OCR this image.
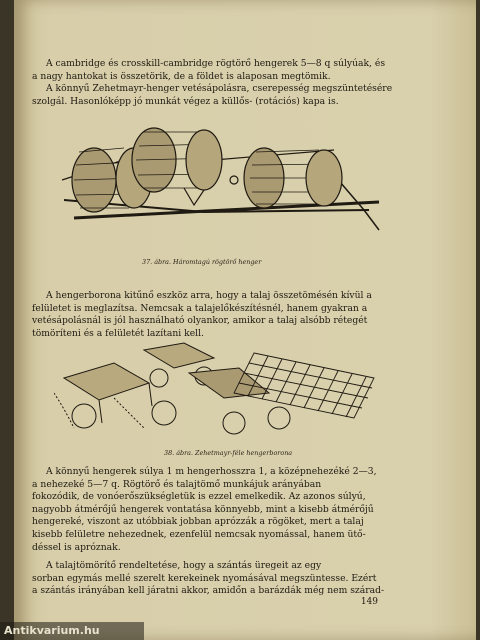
A cambridge és crosskill-cambridge rögtörő hengerek 5—8 q súlyúak, és
a nagy hantokat is összetörik, de a földet is alaposan megtömik.
A könnyű Zehetmayr-henger vetésápolásra, cserepesség megszüntetésére
szolgál. Hasonlóképp jó munkát végez a küllős- (rotációs) kapa is.

37. ábra. Háromtagú rögtörő henger

A hengerborona kitűnő eszköz arra, hogy a talaj összetömésén kívül a
felületet is meglazítsa. Nemcsak a talajelőkészítésnél, hanem gyakran a
vetésápolásnál is jól használható olyankor, amikor a talaj alsóbb rétegét
tömöríteni és a felületét lazítani kell.

38. ábra. Zehetmayr-féle hengerborona

A könnyű hengerek súlya 1 m hengerhosszra 1, a középnehezéké 2—3,
a nehezeké 5—7 q. Rögtörő és talajtömő munkájuk arányában
fokozódik, de vonóerőszükségletük is ezzel emelkedik. Az azonos súlyú,
nagyobb átmérőjű hengerek vontatása könnyebb, mint a kisebb átmérőjű
hengereké, viszont az utóbbiak jobban aprózzák a rögöket, mert a talaj
kisebb felületre nehezednek, ezenfelül nemcsak nyomással, hanem ütő-
déssel is apróznak.

A talajtömörítő rendeltetése, hogy a szántás üregeit az egy
sorban egymás mellé szerelt kerekeinek nyomásával megszüntesse. Ezért
a szántás irányában kell járatni akkor, amidőn a barázdák még nem szárad-

149
Antikvarium.hu
